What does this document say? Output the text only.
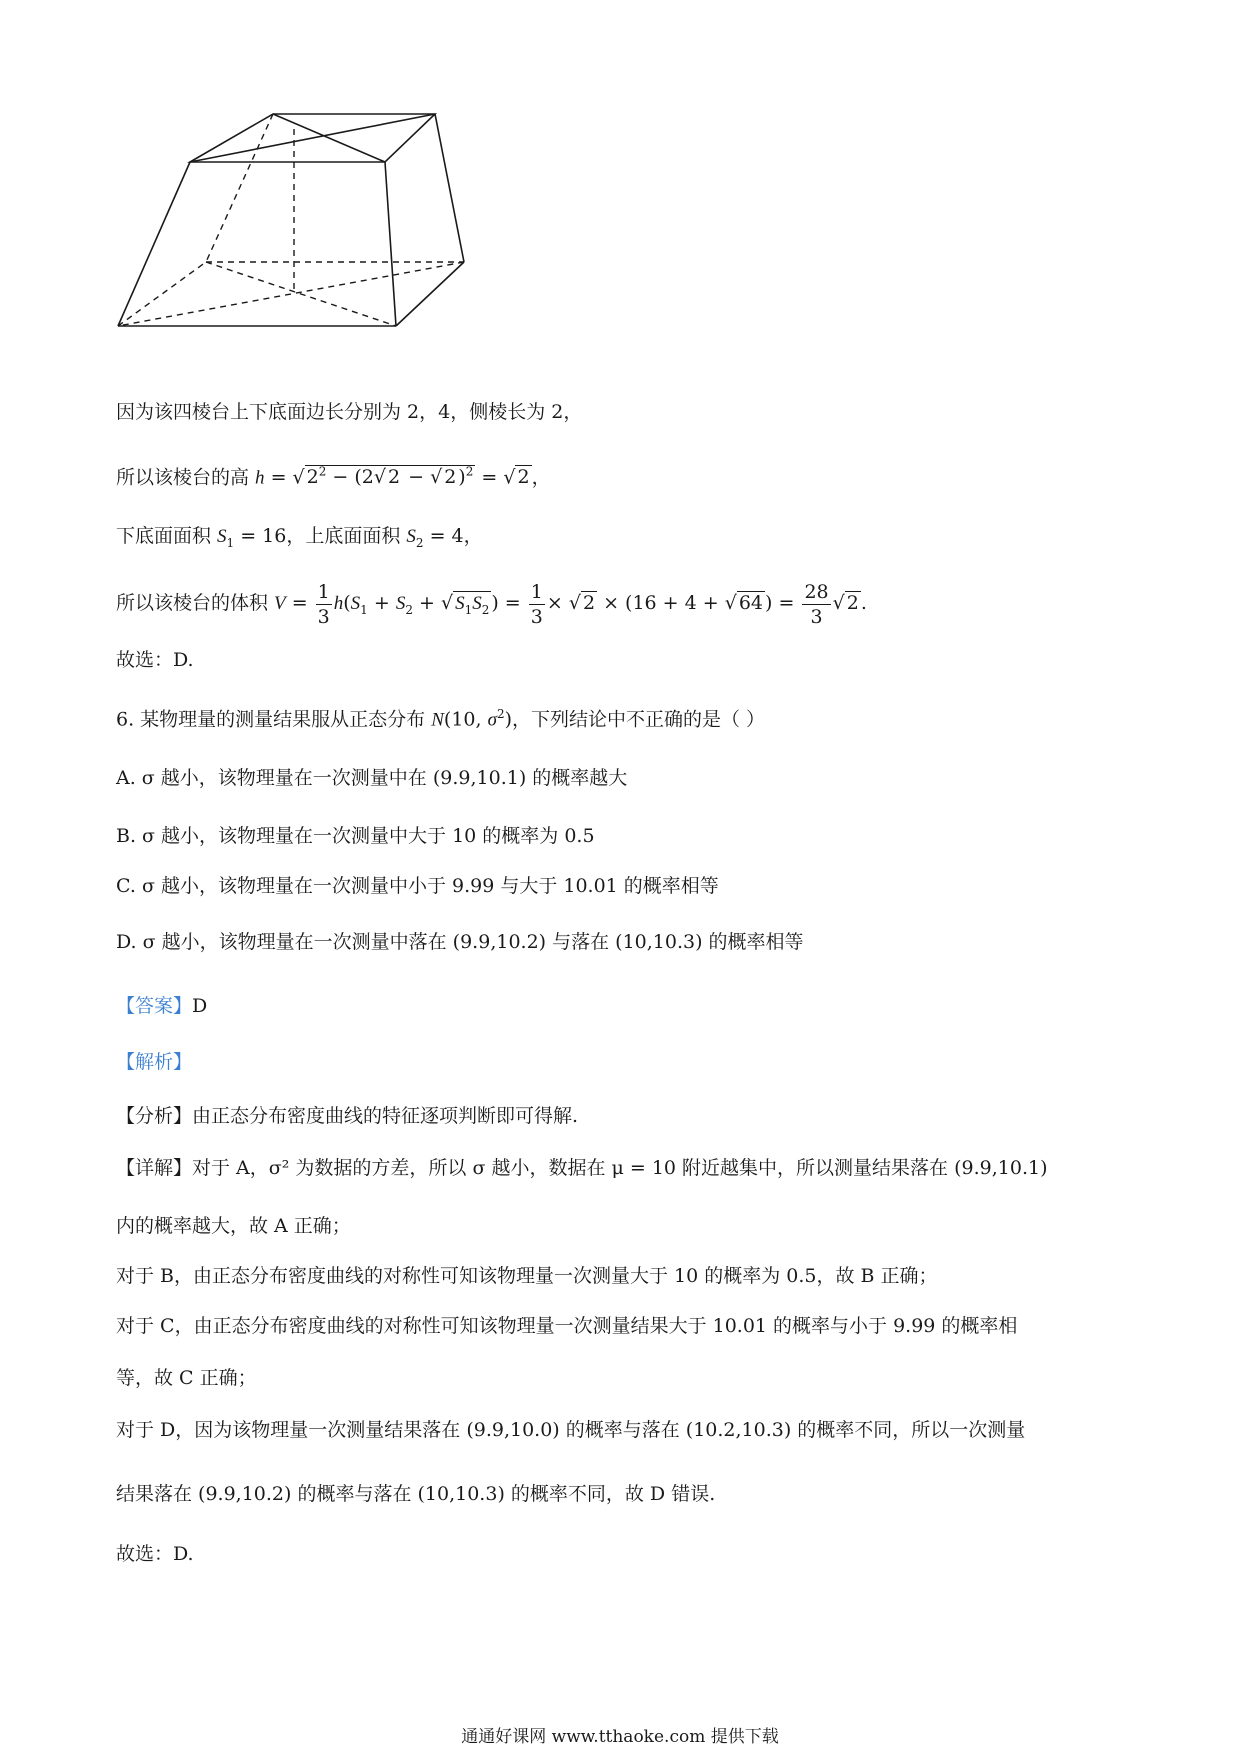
因为该四棱台上下底面边长分别为 2，4，侧棱长为 2，
所以该棱台的高 h = √ $2^2 - (2√$ 2 − √ 2 )$^2$ = √ 2 ，
下底面面积 $S_1 = 16$，上底面面积 $S_2 = 4$，
所以该棱台的体积 $V = \frac{1}{3} h(S_1 + S_2$ + √ $S_1S_2$ ) = $\frac{1}{3}$ × √ 2 × (16 + 4 + √ 64 ) = $\frac{28}{3}$ √ 2 .
故选：D.
6. 某物理量的测量结果服从正态分布 N(10, $\sigma^2$)，下列结论中不正确的是（ ）
A. σ 越小，该物理量在一次测量中在 (9.9,10.1) 的概率越大
B. σ 越小，该物理量在一次测量中大于 10 的概率为 0.5
C. σ 越小，该物理量在一次测量中小于 9.99 与大于 10.01 的概率相等
D. σ 越小，该物理量在一次测量中落在 (9.9,10.2) 与落在 (10,10.3) 的概率相等
【答案】D
【解析】
【分析】由正态分布密度曲线的特征逐项判断即可得解.
【详解】对于 A，σ² 为数据的方差，所以 σ 越小，数据在 μ = 10 附近越集中，所以测量结果落在 (9.9,10.1)
内的概率越大，故 A 正确；
对于 B，由正态分布密度曲线的对称性可知该物理量一次测量大于 10 的概率为 0.5，故 B 正确；
对于 C，由正态分布密度曲线的对称性可知该物理量一次测量结果大于 10.01 的概率与小于 9.99 的概率相
等，故 C 正确；
对于 D，因为该物理量一次测量结果落在 (9.9,10.0) 的概率与落在 (10.2,10.3) 的概率不同，所以一次测量
结果落在 (9.9,10.2) 的概率与落在 (10,10.3) 的概率不同，故 D 错误.
故选：D.
通通好课网 www.tthaoke.com 提供下载
